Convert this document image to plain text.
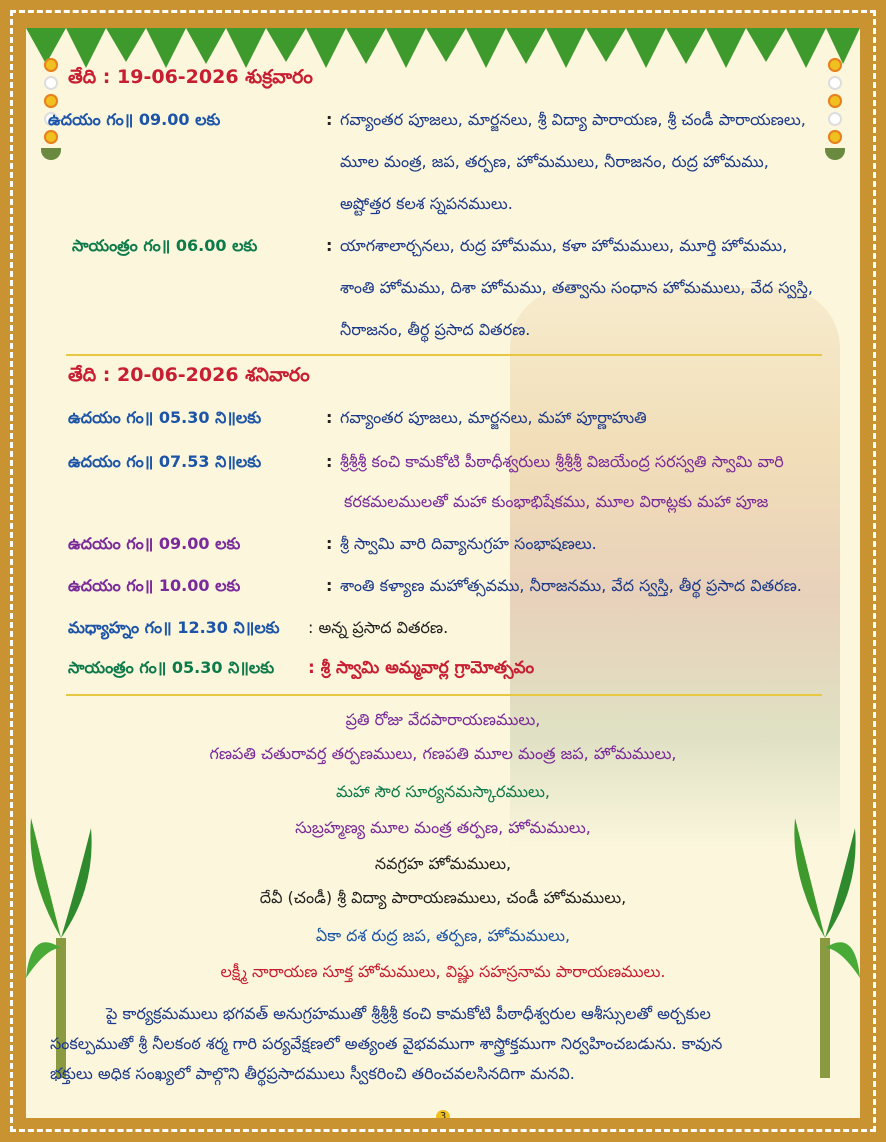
తేది : 19-06-2026 శుక్రవారం
ఉదయం గం॥ 09.00 లకు	: గవ్యాంతర పూజలు, మార్జనలు, శ్రీ విద్యా పారాయణ, శ్రీ చండీ పారాయణలు,
మూల మంత్ర, జప, తర్పణ, హోమములు, నీరాజనం, రుద్ర హోమము,
అష్టోత్తర కలశ స్నపనములు.
సాయంత్రం గం॥ 06.00 లకు	: యాగశాలార్చనలు, రుద్ర హోమము, కళా హోమములు, మూర్తి హోమము,
శాంతి హోమము, దిశా హోమము, తత్వాను సంధాన హోమములు, వేద స్వస్తి,
నీరాజనం, తీర్థ ప్రసాద వితరణ.
తేది : 20-06-2026 శనివారం
ఉదయం గం॥ 05.30 ని॥లకు	: గవ్యాంతర పూజలు, మార్జనలు, మహా పూర్ణాహుతి
ఉదయం గం॥ 07.53 ని॥లకు	: శ్రీశ్రీశ్రీ కంచి కామకోటి పీఠాధీశ్వరులు శ్రీశ్రీశ్రీ విజయేంద్ర సరస్వతి స్వామి వారి
కరకమలములతో మహా కుంభాభిషేకము, మూల విరాట్లకు మహా పూజ
ఉదయం గం॥ 09.00 లకు	: శ్రీ స్వామి వారి దివ్యానుగ్రహ సంభాషణలు.
ఉదయం గం॥ 10.00 లకు	: శాంతి కళ్యాణ మహోత్సవము, నీరాజనము, వేద స్వస్తి, తీర్థ ప్రసాద వితరణ.
మధ్యాహ్నం గం॥ 12.30 ని॥లకు : అన్న ప్రసాద వితరణ.
సాయంత్రం గం॥ 05.30 ని॥లకు : శ్రీ స్వామి అమ్మవార్ల గ్రామోత్సవం
ప్రతి రోజు వేదపారాయణములు,
గణపతి చతురావర్త తర్పణములు, గణపతి మూల మంత్ర జప, హోమములు,
మహా సౌర సూర్యనమస్కారములు,
సుబ్రహ్మణ్య మూల మంత్ర తర్పణ, హోమములు,
నవగ్రహ హోమములు,
దేవీ (చండీ) శ్రీ విద్యా పారాయణములు, చండీ హోమములు,
ఏకా దశ రుద్ర జప, తర్పణ, హోమములు,
లక్ష్మీ నారాయణ సూక్త హోమములు, విష్ణు సహస్రనామ పారాయణములు.
పై కార్యక్రమములు భగవత్ అనుగ్రహముతో శ్రీశ్రీశ్రీ కంచి కామకోటి పీఠాధీశ్వరుల ఆశీస్సులతో అర్చకుల
సంకల్పముతో శ్రీ నీలకంఠ శర్మ గారి పర్యవేక్షణలో అత్యంత వైభవముగా శాస్త్రోక్తముగా నిర్వహించబడును. కావున
భక్తులు అధిక సంఖ్యలో పాల్గొని తీర్థప్రసాదములు స్వీకరించి తరించవలసినదిగా మనవి.
3
